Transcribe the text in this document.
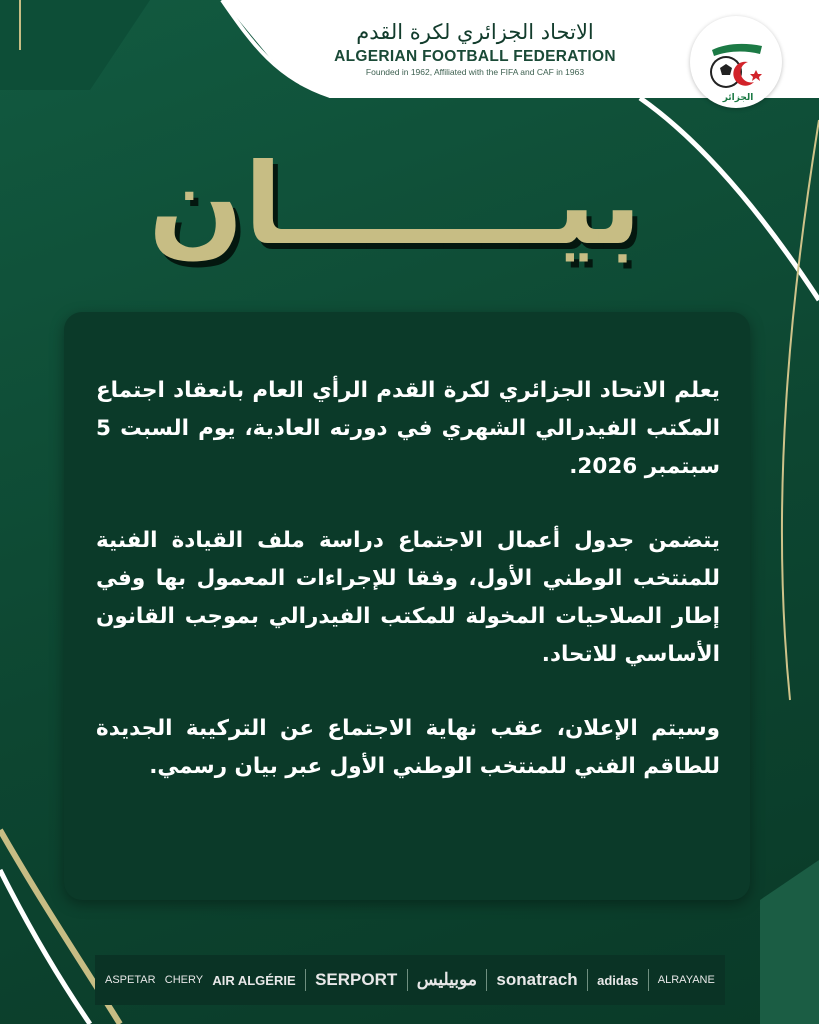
الاتحاد الجزائري لكرة القدم
ALGERIAN FOOTBALL FEDERATION
Founded in 1962, Affiliated with the FIFA and CAF in 1963
الجزائر
بيـــــــان

يعلم الاتحاد الجزائري لكرة القدم الرأي العام بانعقاد اجتماع المكتب الفيدرالي الشهري في دورته العادية، يوم السبت 5 سبتمبر 2026.

يتضمن جدول أعمال الاجتماع دراسة ملف القيادة الفنية للمنتخب الوطني الأول، وفقا للإجراءات المعمول بها وفي إطار الصلاحيات المخولة للمكتب الفيدرالي بموجب القانون الأساسي للاتحاد.

وسيتم الإعلان، عقب نهاية الاجتماع عن التركيبة الجديدة للطاقم الفني للمنتخب الوطني الأول عبر بيان رسمي.

ASPETAR CHERY AIR ALGÉRIE SERPORT موبيليس sonatrach adidas ALRAYANE
